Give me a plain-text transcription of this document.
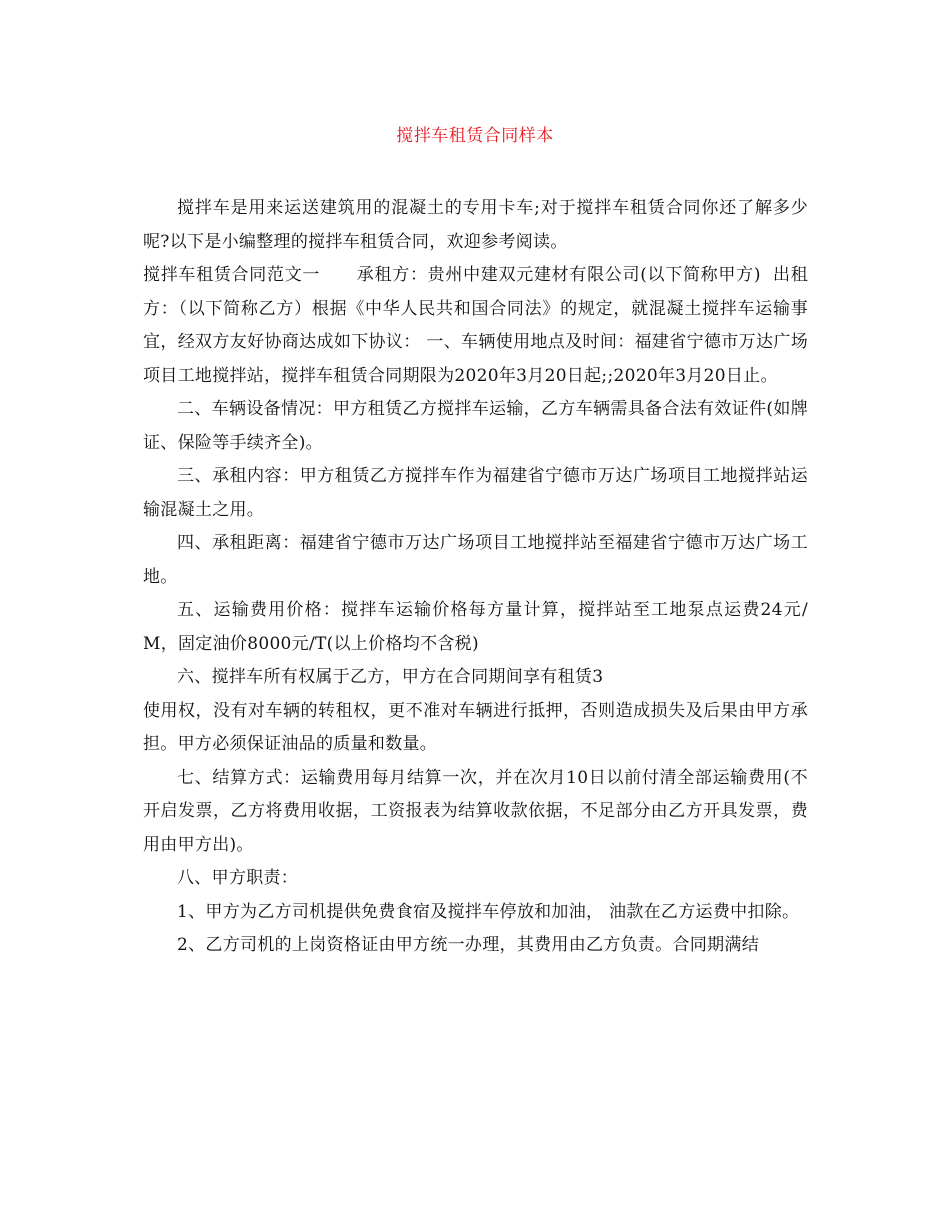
搅拌车租赁合同样本

搅拌车是用来运送建筑用的混凝土的专用卡车;对于搅拌车租赁合同你还了解多少呢?以下是小编整理的搅拌车租赁合同，欢迎参考阅读。

搅拌车租赁合同范文一      承租方：贵州中建双元建材有限公司(以下简称甲方)  出租方：（以下简称乙方）根据《中华人民共和国合同法》的规定，就混凝土搅拌车运输事宜，经双方友好协商达成如下协议： 一、车辆使用地点及时间：福建省宁德市万达广场项目工地搅拌站，搅拌车租赁合同期限为2020年3月20日起;;2020年3月20日止。

二、车辆设备情况：甲方租赁乙方搅拌车运输，乙方车辆需具备合法有效证件(如牌证、保险等手续齐全)。

三、承租内容：甲方租赁乙方搅拌车作为福建省宁德市万达广场项目工地搅拌站运输混凝土之用。

四、承租距离：福建省宁德市万达广场项目工地搅拌站至福建省宁德市万达广场工地。

五、运输费用价格：搅拌车运输价格每方量计算，搅拌站至工地泵点运费24元/M，固定油价8000元/T(以上价格均不含税)

六、搅拌车所有权属于乙方，甲方在合同期间享有租赁3

使用权，没有对车辆的转租权，更不准对车辆进行抵押，否则造成损失及后果由甲方承担。甲方必须保证油品的质量和数量。

七、结算方式：运输费用每月结算一次，并在次月10日以前付清全部运输费用(不开启发票，乙方将费用收据，工资报表为结算收款依据，不足部分由乙方开具发票，费用由甲方出)。

八、甲方职责：

1、甲方为乙方司机提供免费食宿及搅拌车停放和加油， 油款在乙方运费中扣除。

2、乙方司机的上岗资格证由甲方统一办理，其费用由乙方负责。合同期满结
